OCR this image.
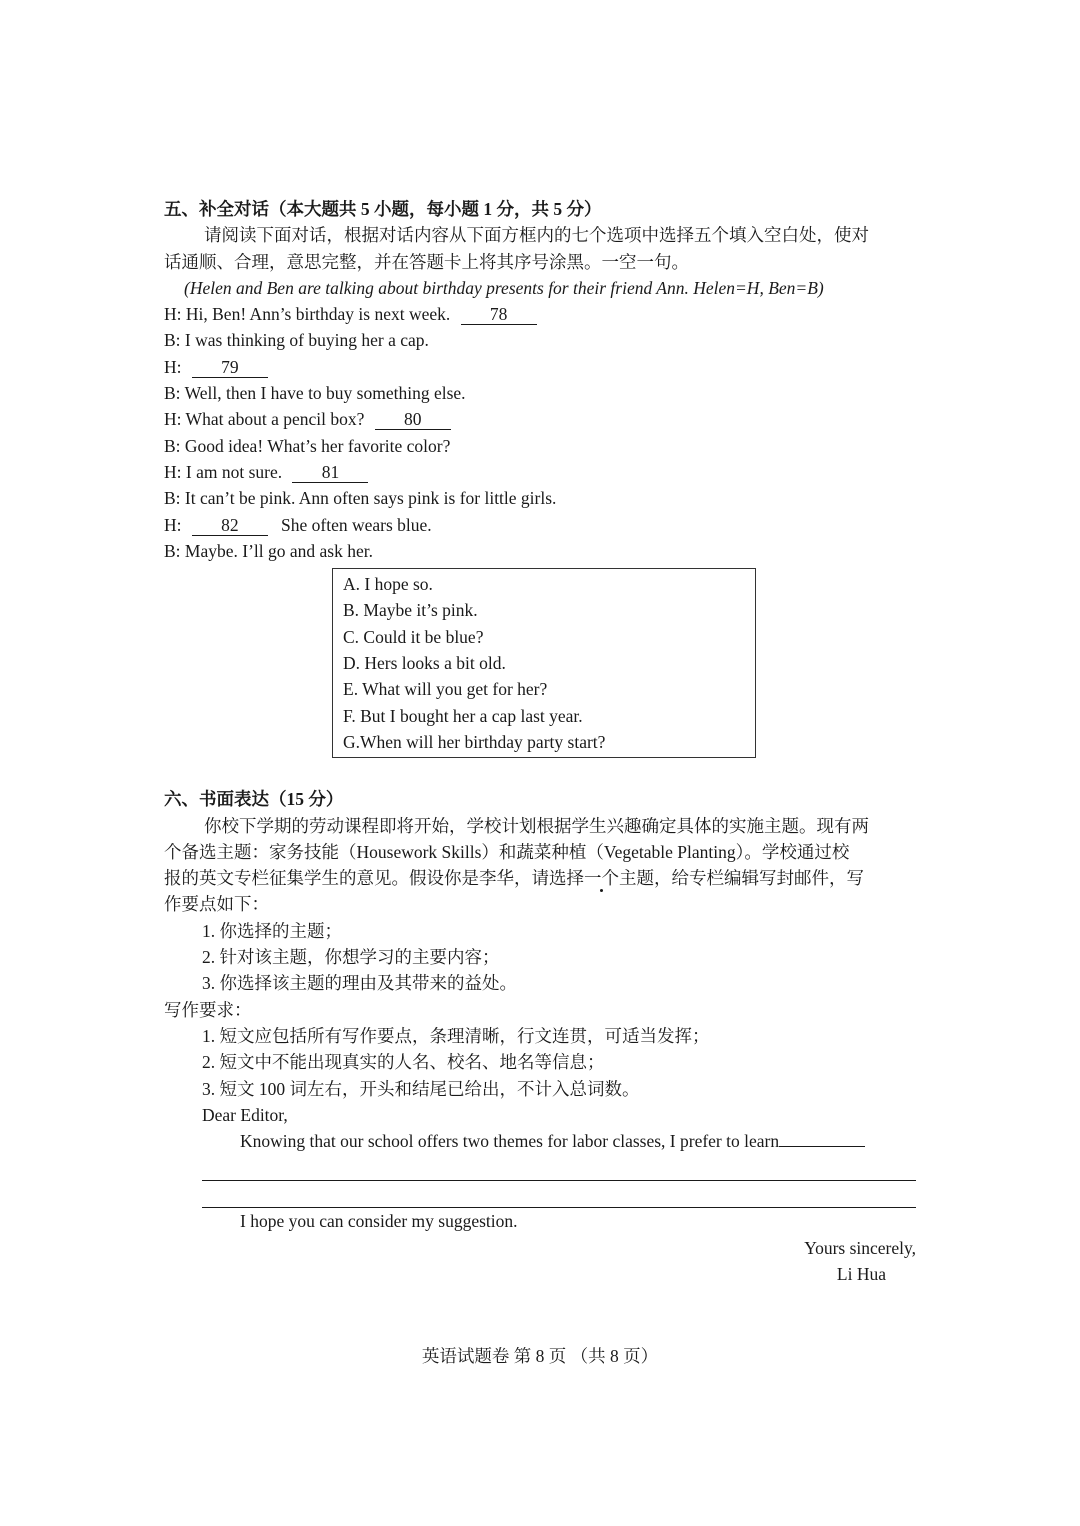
五、补全对话（本大题共 5 小题，每小题 1 分，共 5 分）
请阅读下面对话，根据对话内容从下面方框内的七个选项中选择五个填入空白处，使对
话通顺、合理，意思完整，并在答题卡上将其序号涂黑。一空一句。
(Helen and Ben are talking about birthday presents for their friend Ann. Helen=H, Ben=B)
H: Hi, Ben! Ann’s birthday is next week. 78
B: I was thinking of buying her a cap.
H: 79
B: Well, then I have to buy something else.
H: What about a pencil box? 80
B: Good idea! What’s her favorite color?
H: I am not sure. 81
B: It can’t be pink. Ann often says pink is for little girls.
H: 82 She often wears blue.
B: Maybe. I’ll go and ask her.
A. I hope so.
B. Maybe it’s pink.
C. Could it be blue?
D. Hers looks a bit old.
E. What will you get for her?
F. But I bought her a cap last year.
G.When will her birthday party start?
六、书面表达（15 分）
你校下学期的劳动课程即将开始，学校计划根据学生兴趣确定具体的实施主题。现有两
个备选主题：家务技能（Housework Skills）和蔬菜种植（Vegetable Planting）。学校通过校
报的英文专栏征集学生的意见。假设你是李华，请选择一个主题，给专栏编辑写封邮件，写
作要点如下：
1. 你选择的主题；
2. 针对该主题，你想学习的主要内容；
3. 你选择该主题的理由及其带来的益处。
写作要求：
1. 短文应包括所有写作要点，条理清晰，行文连贯，可适当发挥；
2. 短文中不能出现真实的人名、校名、地名等信息；
3. 短文 100 词左右，开头和结尾已给出，不计入总词数。
Dear Editor,
Knowing that our school offers two themes for labor classes, I prefer to learn
I hope you can consider my suggestion.
Yours sincerely,
Li Hua
英语试题卷 第 8 页 （共 8 页）
